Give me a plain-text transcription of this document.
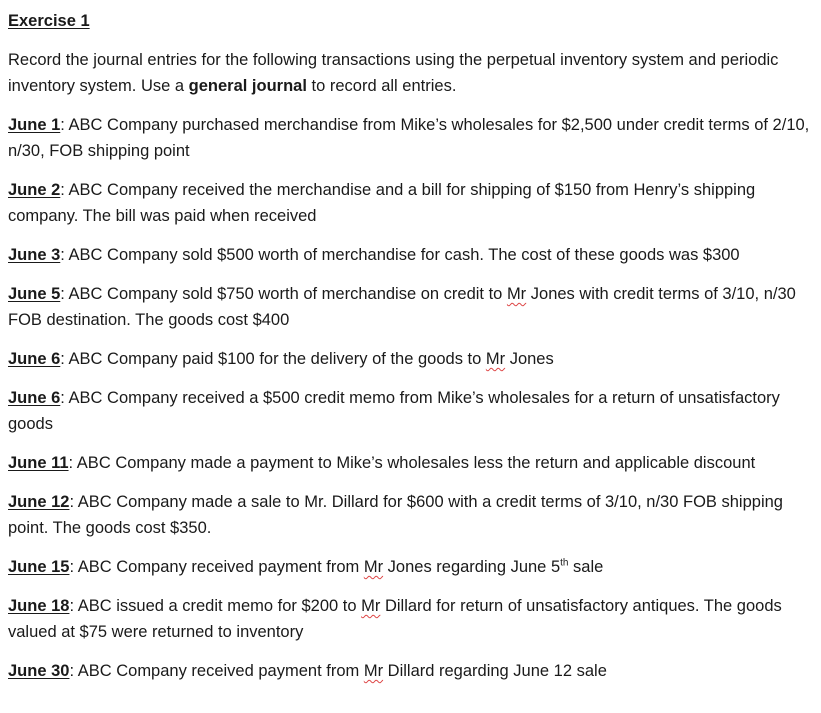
Exercise 1

Record the journal entries for the following transactions using the perpetual inventory system and periodic inventory system. Use a general journal to record all entries.

June 1: ABC Company purchased merchandise from Mike’s wholesales for $2,500 under credit terms of 2/10, n/30, FOB shipping point

June 2: ABC Company received the merchandise and a bill for shipping of $150 from Henry’s shipping company. The bill was paid when received

June 3: ABC Company sold $500 worth of merchandise for cash. The cost of these goods was $300

June 5: ABC Company sold $750 worth of merchandise on credit to Mr Jones with credit terms of 3/10, n/30 FOB destination. The goods cost $400

June 6: ABC Company paid $100 for the delivery of the goods to Mr Jones

June 6: ABC Company received a $500 credit memo from Mike’s wholesales for a return of unsatisfactory goods

June 11: ABC Company made a payment to Mike’s wholesales less the return and applicable discount

June 12: ABC Company made a sale to Mr. Dillard for $600 with a credit terms of 3/10, n/30 FOB shipping point. The goods cost $350.

June 15: ABC Company received payment from Mr Jones regarding June 5th sale

June 18: ABC issued a credit memo for $200 to Mr Dillard for return of unsatisfactory antiques. The goods valued at $75 were returned to inventory

June 30: ABC Company received payment from Mr Dillard regarding June 12 sale
